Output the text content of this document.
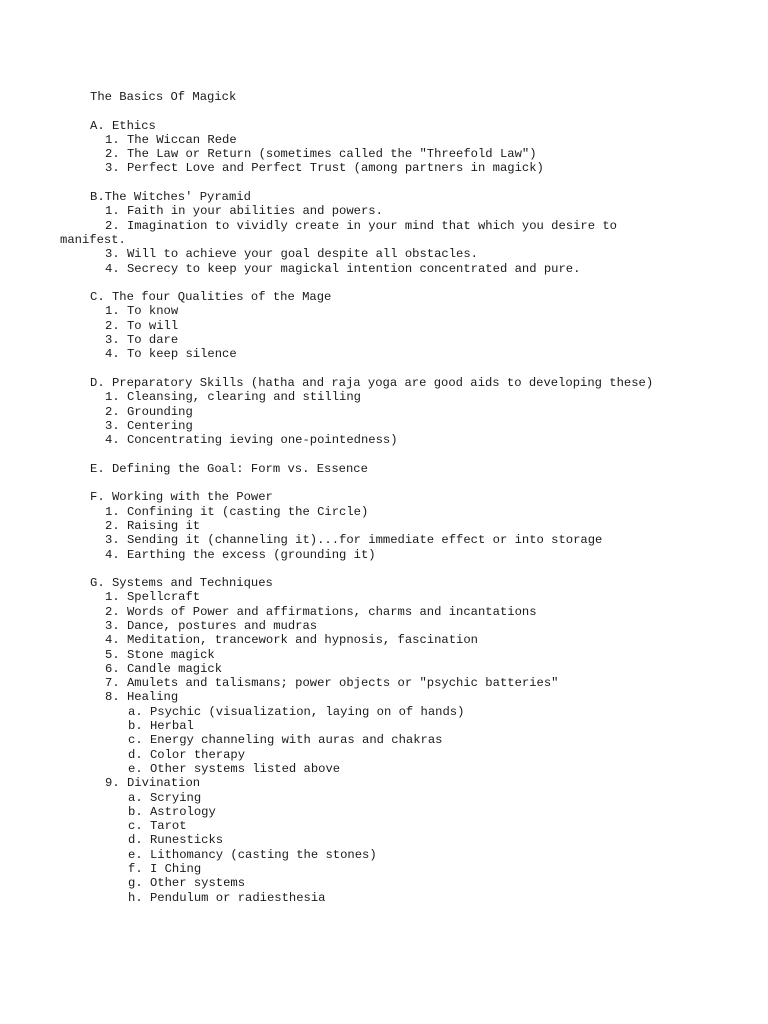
The Basics Of Magick
A. Ethics
1. The Wiccan Rede
2. The Law or Return (sometimes called the "Threefold Law")
3. Perfect Love and Perfect Trust (among partners in magick)
B.The Witches' Pyramid
1. Faith in your abilities and powers.
2. Imagination to vividly create in your mind that which you desire to
manifest.
3. Will to achieve your goal despite all obstacles.
4. Secrecy to keep your magickal intention concentrated and pure.
C. The four Qualities of the Mage
1. To know
2. To will
3. To dare
4. To keep silence
D. Preparatory Skills (hatha and raja yoga are good aids to developing these)
1. Cleansing, clearing and stilling
2. Grounding
3. Centering
4. Concentrating ieving one-pointedness)
E. Defining the Goal: Form vs. Essence
F. Working with the Power
1. Confining it (casting the Circle)
2. Raising it
3. Sending it (channeling it)...for immediate effect or into storage
4. Earthing the excess (grounding it)
G. Systems and Techniques
1. Spellcraft
2. Words of Power and affirmations, charms and incantations
3. Dance, postures and mudras
4. Meditation, trancework and hypnosis, fascination
5. Stone magick
6. Candle magick
7. Amulets and talismans; power objects or "psychic batteries"
8. Healing
a. Psychic (visualization, laying on of hands)
b. Herbal
c. Energy channeling with auras and chakras
d. Color therapy
e. Other systems listed above
9. Divination
a. Scrying
b. Astrology
c. Tarot
d. Runesticks
e. Lithomancy (casting the stones)
f. I Ching
g. Other systems
h. Pendulum or radiesthesia
